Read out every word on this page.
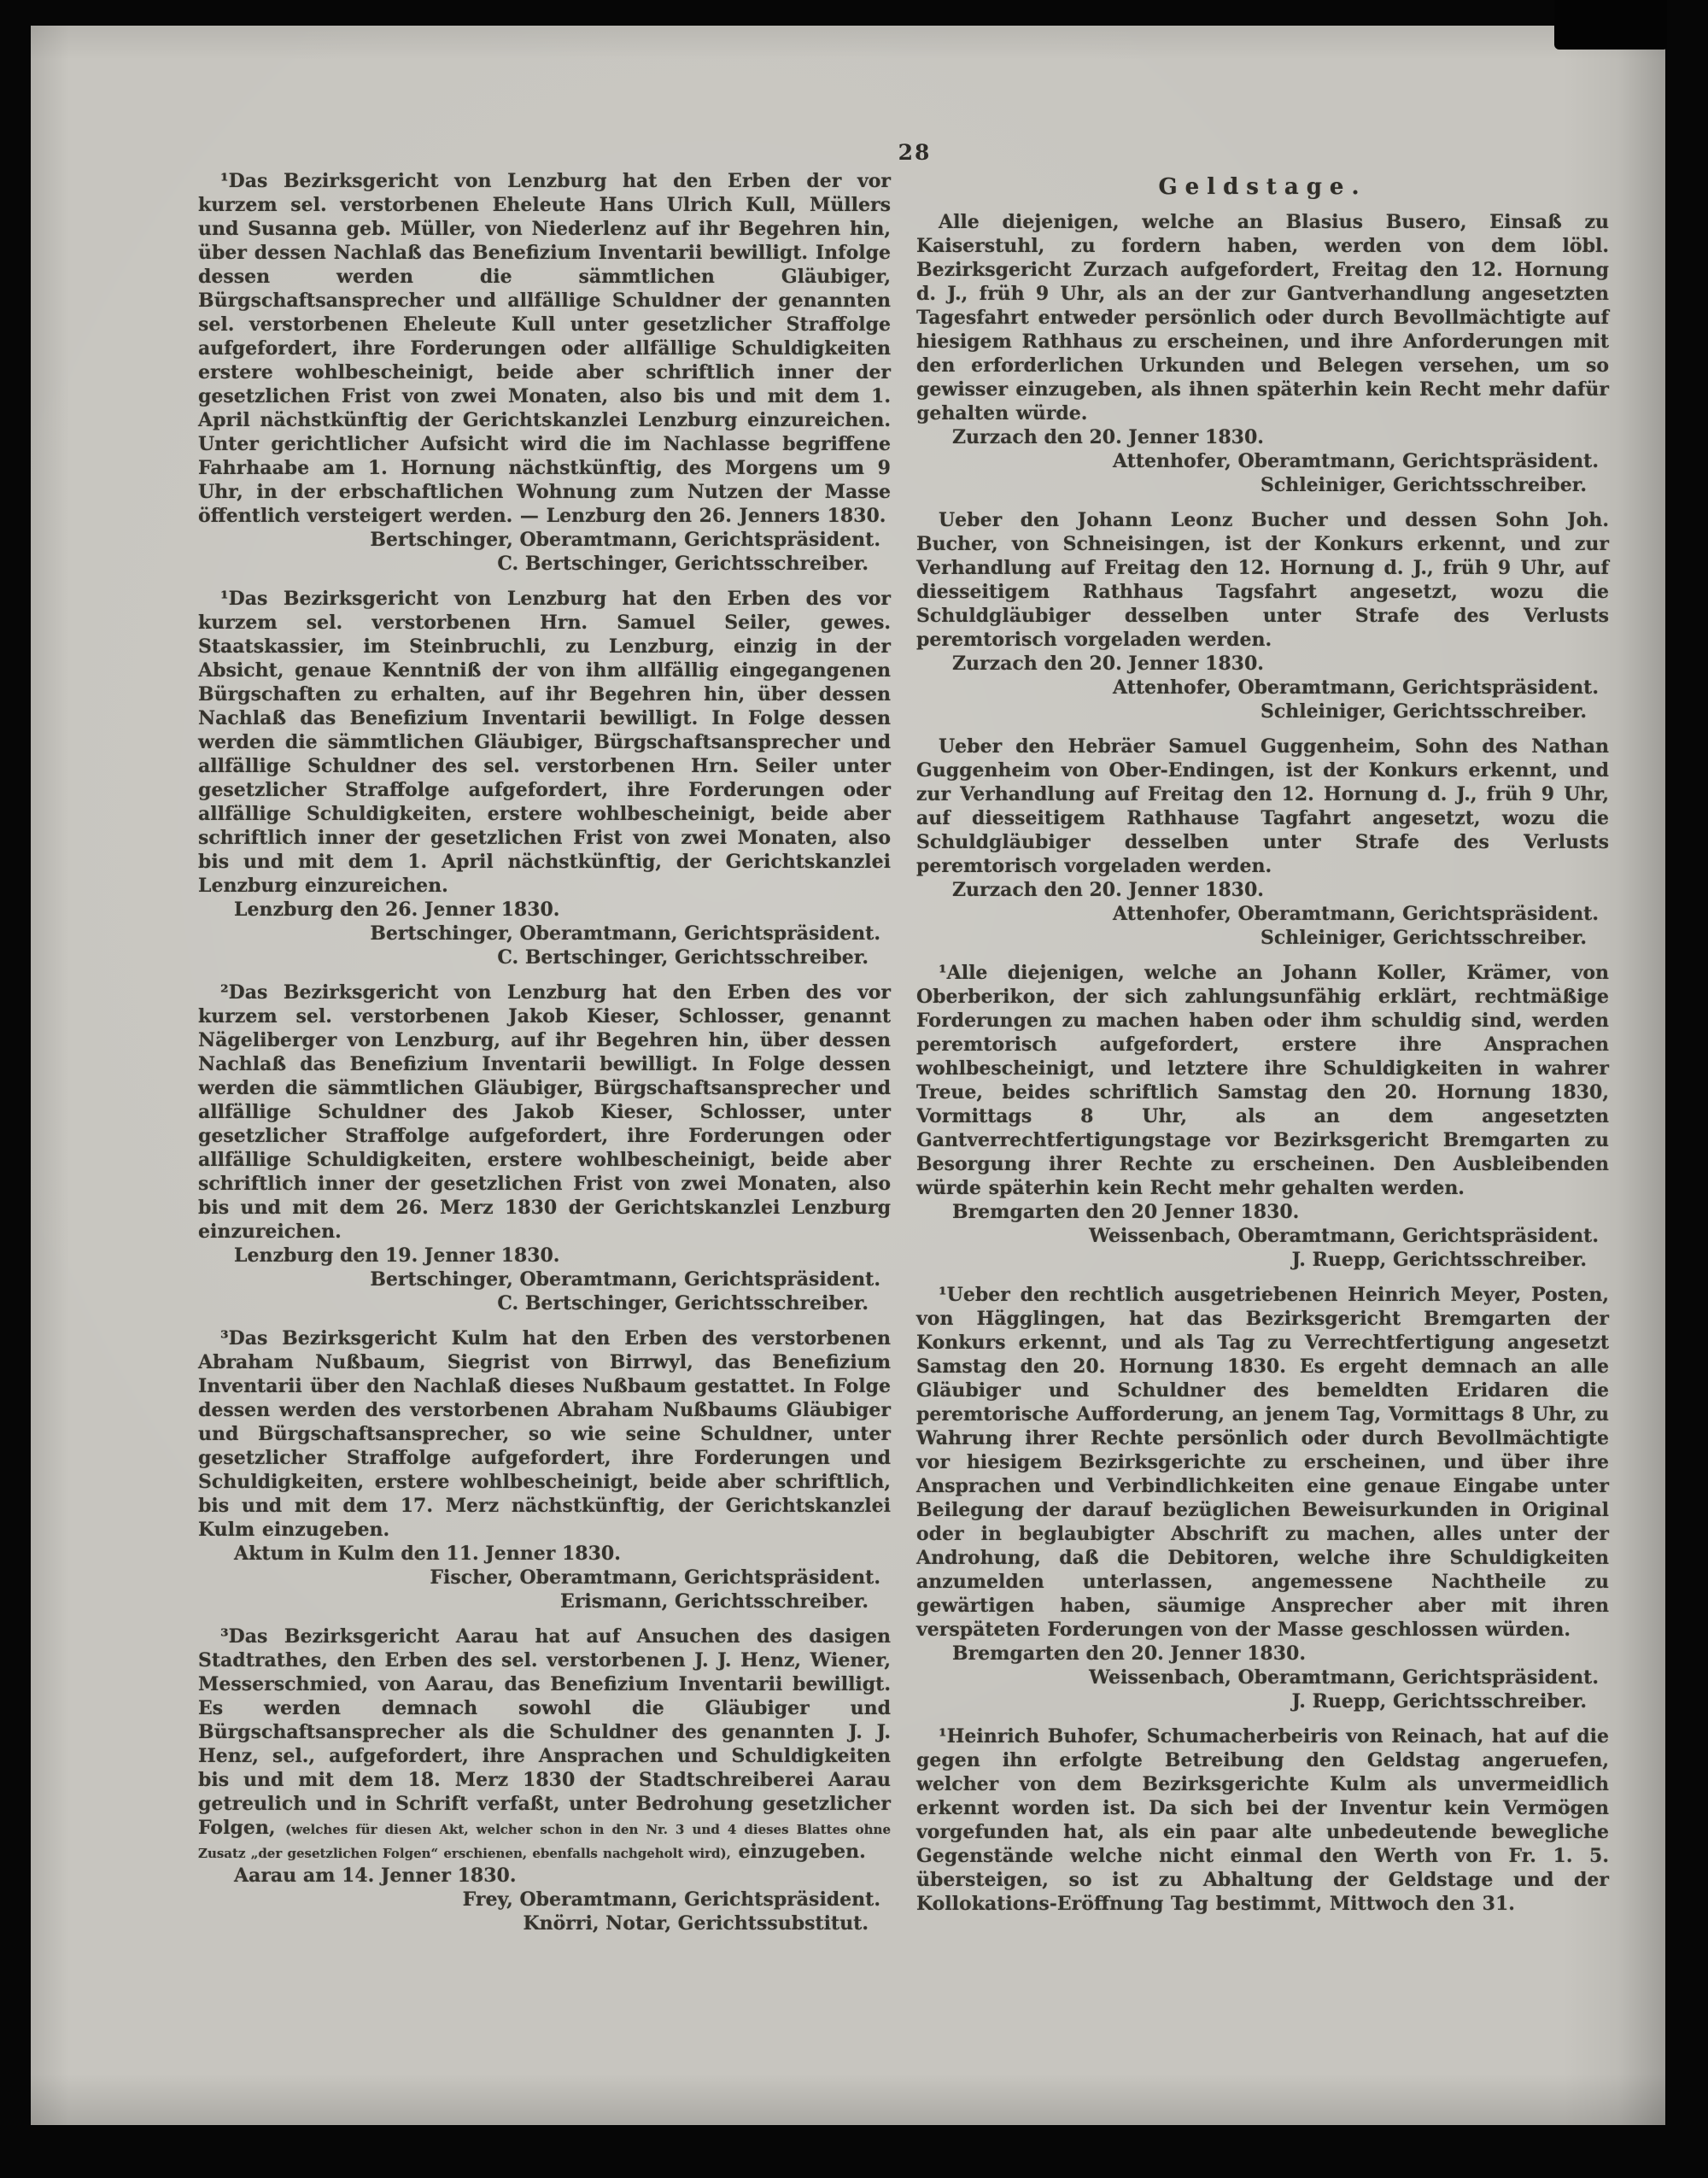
28

¹Das Bezirksgericht von Lenzburg hat den Erben der vor kurzem sel. verstorbenen Eheleute Hans Ulrich Kull, Müllers und Susanna geb. Müller, von Niederlenz auf ihr Begehren hin, über dessen Nachlaß das Benefizium Inventarii bewilligt. Infolge dessen werden die sämmtlichen Gläubiger, Bürgschaftsansprecher und allfällige Schuldner der genannten sel. verstorbenen Eheleute Kull unter gesetzlicher Straffolge aufgefordert, ihre Forderungen oder allfällige Schuldigkeiten erstere wohlbescheinigt, beide aber schriftlich inner der gesetzlichen Frist von zwei Monaten, also bis und mit dem 1. April nächstkünftig der Gerichtskanzlei Lenzburg einzureichen. Unter gerichtlicher Aufsicht wird die im Nachlasse begriffene Fahrhaabe am 1. Hornung nächstkünftig, des Morgens um 9 Uhr, in der erbschaftlichen Wohnung zum Nutzen der Masse öffentlich versteigert werden. — Lenzburg den 26. Jenners 1830.

Bertschinger, Oberamtmann, Gerichtspräsident.

C. Bertschinger, Gerichtsschreiber.

¹Das Bezirksgericht von Lenzburg hat den Erben des vor kurzem sel. verstorbenen Hrn. Samuel Seiler, gewes. Staatskassier, im Steinbruchli, zu Lenzburg, einzig in der Absicht, genaue Kenntniß der von ihm allfällig eingegangenen Bürgschaften zu erhalten, auf ihr Begehren hin, über dessen Nachlaß das Benefizium Inventarii bewilligt. In Folge dessen werden die sämmtlichen Gläubiger, Bürgschaftsansprecher und allfällige Schuldner des sel. verstorbenen Hrn. Seiler unter gesetzlicher Straffolge aufgefordert, ihre Forderungen oder allfällige Schuldigkeiten, erstere wohlbescheinigt, beide aber schriftlich inner der gesetzlichen Frist von zwei Monaten, also bis und mit dem 1. April nächstkünftig, der Gerichtskanzlei Lenzburg einzureichen.

Lenzburg den 26. Jenner 1830.

Bertschinger, Oberamtmann, Gerichtspräsident.

C. Bertschinger, Gerichtsschreiber.

²Das Bezirksgericht von Lenzburg hat den Erben des vor kurzem sel. verstorbenen Jakob Kieser, Schlosser, genannt Nägeliberger von Lenzburg, auf ihr Begehren hin, über dessen Nachlaß das Benefizium Inventarii bewilligt. In Folge dessen werden die sämmtlichen Gläubiger, Bürgschaftsansprecher und allfällige Schuldner des Jakob Kieser, Schlosser, unter gesetzlicher Straffolge aufgefordert, ihre Forderungen oder allfällige Schuldigkeiten, erstere wohlbescheinigt, beide aber schriftlich inner der gesetzlichen Frist von zwei Monaten, also bis und mit dem 26. Merz 1830 der Gerichtskanzlei Lenzburg einzureichen.

Lenzburg den 19. Jenner 1830.

Bertschinger, Oberamtmann, Gerichtspräsident.

C. Bertschinger, Gerichtsschreiber.

³Das Bezirksgericht Kulm hat den Erben des verstorbenen Abraham Nußbaum, Siegrist von Birrwyl, das Benefizium Inventarii über den Nachlaß dieses Nußbaum gestattet. In Folge dessen werden des verstorbenen Abraham Nußbaums Gläubiger und Bürgschaftsansprecher, so wie seine Schuldner, unter gesetzlicher Straffolge aufgefordert, ihre Forderungen und Schuldigkeiten, erstere wohlbescheinigt, beide aber schriftlich, bis und mit dem 17. Merz nächstkünftig, der Gerichtskanzlei Kulm einzugeben.

Aktum in Kulm den 11. Jenner 1830.

Fischer, Oberamtmann, Gerichtspräsident.

Erismann, Gerichtsschreiber.

³Das Bezirksgericht Aarau hat auf Ansuchen des dasigen Stadtrathes, den Erben des sel. verstorbenen J. J. Henz, Wiener, Messerschmied, von Aarau, das Benefizium Inventarii bewilligt. Es werden demnach sowohl die Gläubiger und Bürgschaftsansprecher als die Schuldner des genannten J. J. Henz, sel., aufgefordert, ihre Ansprachen und Schuldigkeiten bis und mit dem 18. Merz 1830 der Stadtschreiberei Aarau getreulich und in Schrift verfaßt, unter Bedrohung gesetzlicher Folgen, (welches für diesen Akt, welcher schon in den Nr. 3 und 4 dieses Blattes ohne Zusatz „der gesetzlichen Folgen“ erschienen, ebenfalls nachgeholt wird), einzugeben.

Aarau am 14. Jenner 1830.

Frey, Oberamtmann, Gerichtspräsident.

Knörri, Notar, Gerichtssubstitut.

Geldstage.

Alle diejenigen, welche an Blasius Busero, Einsaß zu Kaiserstuhl, zu fordern haben, werden von dem löbl. Bezirksgericht Zurzach aufgefordert, Freitag den 12. Hornung d. J., früh 9 Uhr, als an der zur Gantverhandlung angesetzten Tagesfahrt entweder persönlich oder durch Bevollmächtigte auf hiesigem Rathhaus zu erscheinen, und ihre Anforderungen mit den erforderlichen Urkunden und Belegen versehen, um so gewisser einzugeben, als ihnen späterhin kein Recht mehr dafür gehalten würde.

Zurzach den 20. Jenner 1830.

Attenhofer, Oberamtmann, Gerichtspräsident.

Schleiniger, Gerichtsschreiber.

Ueber den Johann Leonz Bucher und dessen Sohn Joh. Bucher, von Schneisingen, ist der Konkurs erkennt, und zur Verhandlung auf Freitag den 12. Hornung d. J., früh 9 Uhr, auf diesseitigem Rathhaus Tagsfahrt angesetzt, wozu die Schuldgläubiger desselben unter Strafe des Verlusts peremtorisch vorgeladen werden.

Zurzach den 20. Jenner 1830.

Attenhofer, Oberamtmann, Gerichtspräsident.

Schleiniger, Gerichtsschreiber.

Ueber den Hebräer Samuel Guggenheim, Sohn des Nathan Guggenheim von Ober-Endingen, ist der Konkurs erkennt, und zur Verhandlung auf Freitag den 12. Hornung d. J., früh 9 Uhr, auf diesseitigem Rathhause Tagfahrt angesetzt, wozu die Schuldgläubiger desselben unter Strafe des Verlusts peremtorisch vorgeladen werden.

Zurzach den 20. Jenner 1830.

Attenhofer, Oberamtmann, Gerichtspräsident.

Schleiniger, Gerichtsschreiber.

¹Alle diejenigen, welche an Johann Koller, Krämer, von Oberberikon, der sich zahlungsunfähig erklärt, rechtmäßige Forderungen zu machen haben oder ihm schuldig sind, werden peremtorisch aufgefordert, erstere ihre Ansprachen wohlbescheinigt, und letztere ihre Schuldigkeiten in wahrer Treue, beides schriftlich Samstag den 20. Hornung 1830, Vormittags 8 Uhr, als an dem angesetzten Gantverrechtfertigungstage vor Bezirksgericht Bremgarten zu Besorgung ihrer Rechte zu erscheinen. Den Ausbleibenden würde späterhin kein Recht mehr gehalten werden.

Bremgarten den 20 Jenner 1830.

Weissenbach, Oberamtmann, Gerichtspräsident.

J. Ruepp, Gerichtsschreiber.

¹Ueber den rechtlich ausgetriebenen Heinrich Meyer, Posten, von Hägglingen, hat das Bezirksgericht Bremgarten der Konkurs erkennt, und als Tag zu Verrechtfertigung angesetzt Samstag den 20. Hornung 1830. Es ergeht demnach an alle Gläubiger und Schuldner des bemeldten Eridaren die peremtorische Aufforderung, an jenem Tag, Vormittags 8 Uhr, zu Wahrung ihrer Rechte persönlich oder durch Bevollmächtigte vor hiesigem Bezirksgerichte zu erscheinen, und über ihre Ansprachen und Verbindlichkeiten eine genaue Eingabe unter Beilegung der darauf bezüglichen Beweisurkunden in Original oder in beglaubigter Abschrift zu machen, alles unter der Androhung, daß die Debitoren, welche ihre Schuldigkeiten anzumelden unterlassen, angemessene Nachtheile zu gewärtigen haben, säumige Ansprecher aber mit ihren verspäteten Forderungen von der Masse geschlossen würden.

Bremgarten den 20. Jenner 1830.

Weissenbach, Oberamtmann, Gerichtspräsident.

J. Ruepp, Gerichtsschreiber.

¹Heinrich Buhofer, Schumacherbeiris von Reinach, hat auf die gegen ihn erfolgte Betreibung den Geldstag angeruefen, welcher von dem Bezirksgerichte Kulm als unvermeidlich erkennt worden ist. Da sich bei der Inventur kein Vermögen vorgefunden hat, als ein paar alte unbedeutende bewegliche Gegenstände welche nicht einmal den Werth von Fr. 1. 5. übersteigen, so ist zu Abhaltung der Geldstage und der Kollokations-Eröffnung Tag bestimmt, Mittwoch den 31.
